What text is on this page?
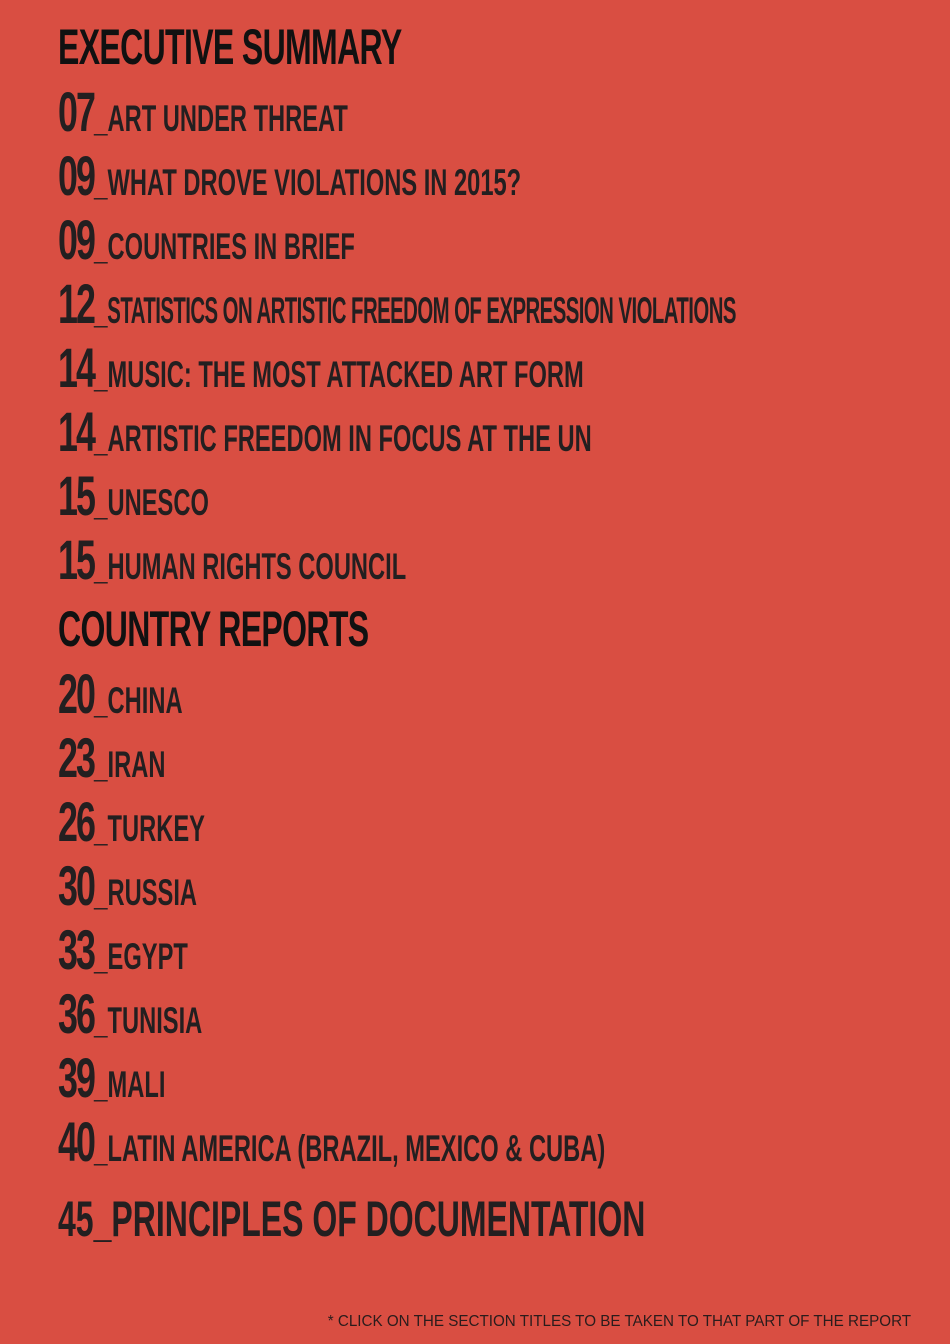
EXECUTIVE SUMMARY
07 _ ART UNDER THREAT
09 _ WHAT DROVE VIOLATIONS IN 2015?
09 _ COUNTRIES IN BRIEF
12 _ STATISTICS ON ARTISTIC FREEDOM OF EXPRESSION VIOLATIONS
14 _ MUSIC: THE MOST ATTACKED ART FORM
14 _ ARTISTIC FREEDOM IN FOCUS AT THE UN
15 _ UNESCO
15 _ HUMAN RIGHTS COUNCIL
COUNTRY REPORTS
20 _ CHINA
23 _ IRAN
26 _ TURKEY
30 _ RUSSIA
33 _ EGYPT
36 _ TUNISIA
39 _ MALI
40 _ LATIN AMERICA (BRAZIL, MEXICO & CUBA)
45_PRINCIPLES OF DOCUMENTATION
* CLICK ON THE SECTION TITLES TO BE TAKEN TO THAT PART OF THE REPORT
